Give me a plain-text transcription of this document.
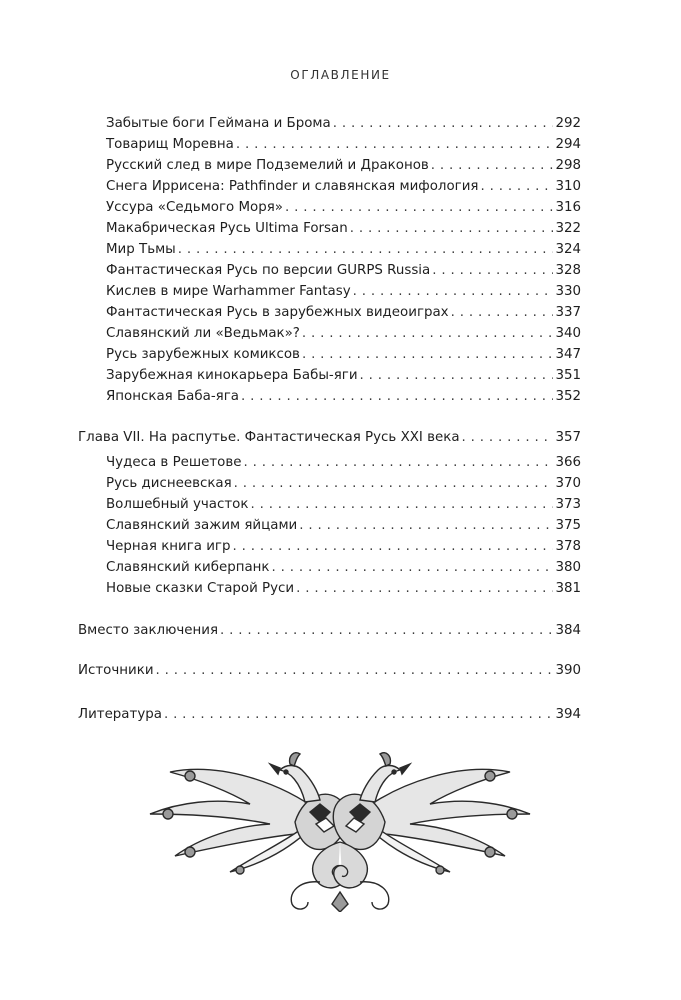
ОГЛАВЛЕНИЕ
Забытые боги Геймана и Брома . . .	292
Товарищ Моревна . . .	294
Русский след в мире Подземелий и Драконов . . .	298
Снега Иррисена: Pathfinder и славянская мифология . . .	310
Уссура «Седьмого Моря» . . .	316
Макабрическая Русь Ultima Forsan . . .	322
Мир Тьмы . . .	324
Фантастическая Русь по версии GURPS Russia . . .	328
Кислев в мире Warhammer Fantasy . . .	330
Фантастическая Русь в зарубежных видеоиграх . . .	337
Славянский ли «Ведьмак»? . . .	340
Русь зарубежных комиксов . . .	347
Зарубежная кинокарьера Бабы-яги . . .	351
Японская Баба-яга . . .	352
Глава VII. На распутье. Фантастическая Русь XXI века . . .	357
Чудеса в Решетове . . .	366
Русь диснеевская . . .	370
Волшебный участок . . .	373
Славянский зажим яйцами . . .	375
Черная книга игр . . .	378
Славянский киберпанк . . .	380
Новые сказки Старой Руси . . .	381
Вместо заключения . . .	384
Источники . . .	390
Литература . . .	394
